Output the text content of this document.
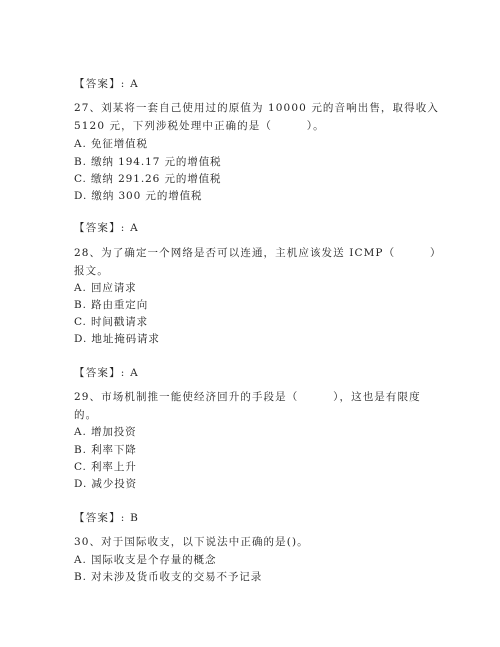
【答案】: A
27、刘某将一套自己使用过的原值为 10000 元的音响出售，取得收入
5120 元，下列涉税处理中正确的是（　　　）。
A. 免征增值税
B. 缴纳 194.17 元的增值税
C. 缴纳 291.26 元的增值税
D. 缴纳 300 元的增值税
【答案】: A
28、为了确定一个网络是否可以连通，主机应该发送 ICMP（　　　）
报文。
A. 回应请求
B. 路由重定向
C. 时间戳请求
D. 地址掩码请求
【答案】: A
29、市场机制推一能使经济回升的手段是（　　　），这也是有限度
的。
A. 增加投资
B. 利率下降
C. 利率上升
D. 减少投资
【答案】: B
30、对于国际收支，以下说法中正确的是()。
A. 国际收支是个存量的概念
B. 对未涉及货币收支的交易不予记录
